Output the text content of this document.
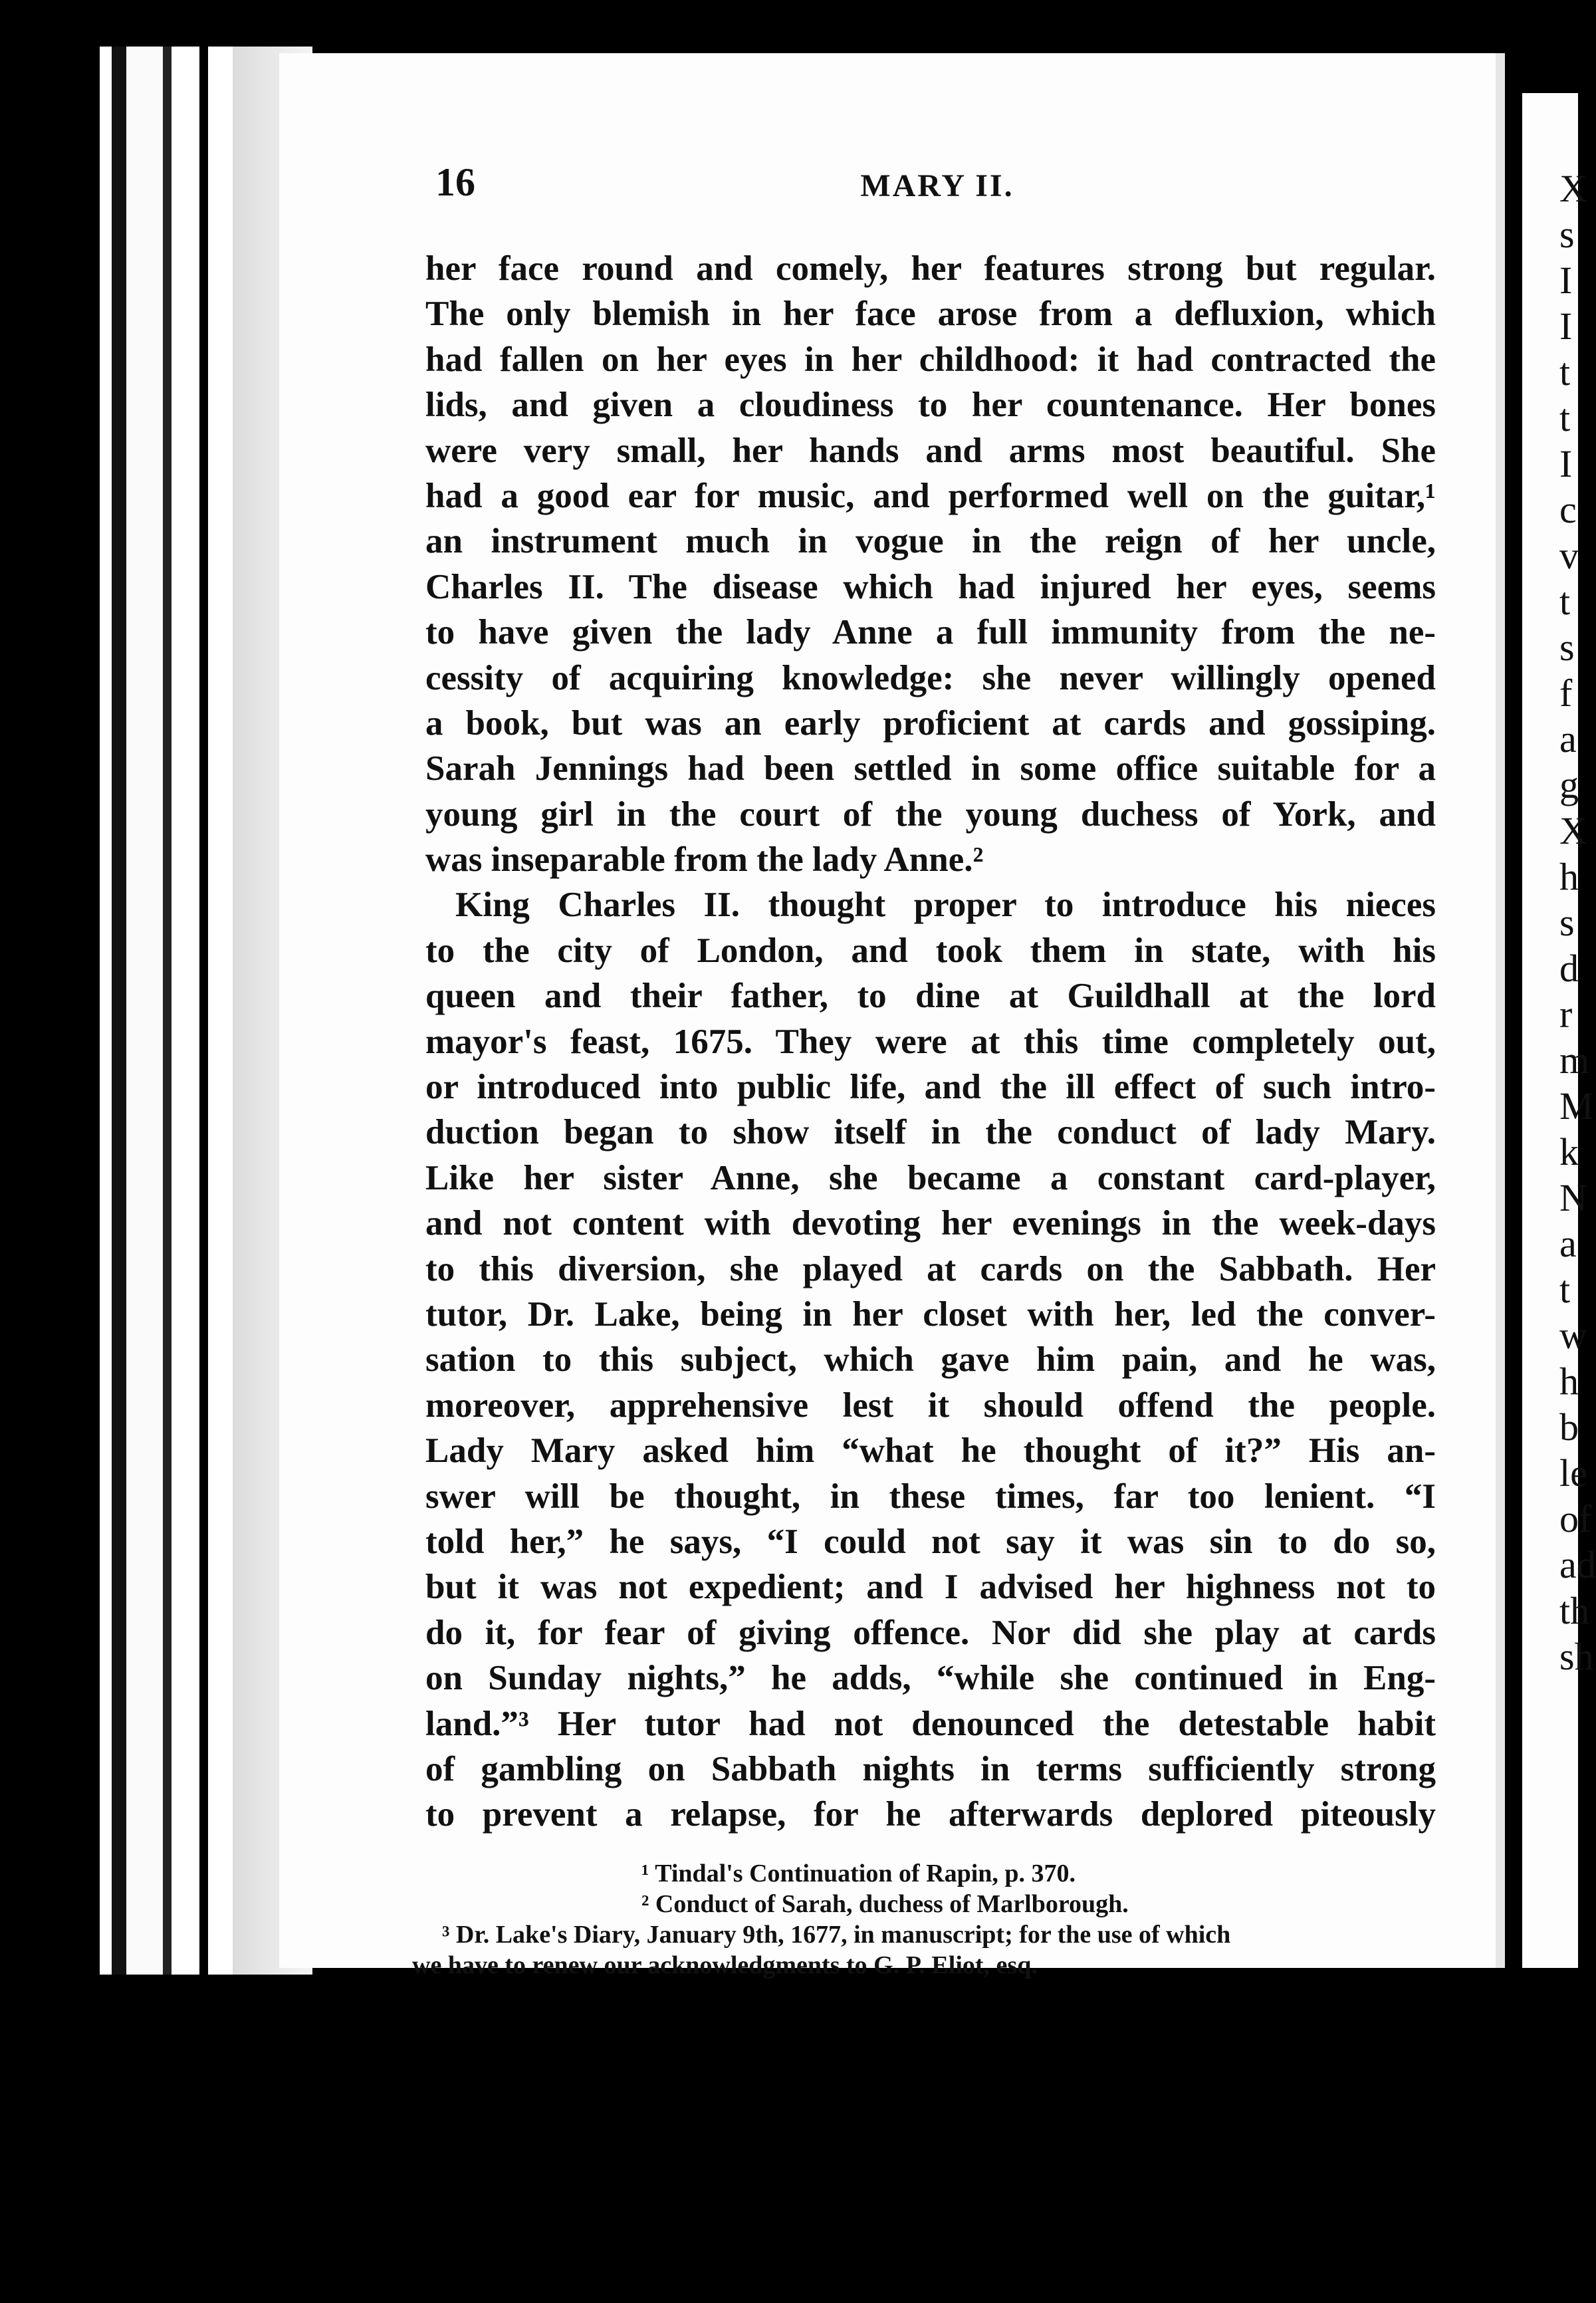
X
s
I
I
t
t
I
c
v
t
s
f
a
g
X
h
s
d
r
m
M
k
N
a
t
w
h
b
le
of
ad
th
sh
16	MARY II.
her face round and comely, her features strong but regular.
The only blemish in her face arose from a defluxion, which
had fallen on her eyes in her childhood: it had contracted the
lids, and given a cloudiness to her countenance. Her bones
were very small, her hands and arms most beautiful. She
had a good ear for music, and performed well on the guitar,¹
an instrument much in vogue in the reign of her uncle,
Charles II. The disease which had injured her eyes, seems
to have given the lady Anne a full immunity from the ne-
cessity of acquiring knowledge: she never willingly opened
a book, but was an early proficient at cards and gossiping.
Sarah Jennings had been settled in some office suitable for a
young girl in the court of the young duchess of York, and
was inseparable from the lady Anne.²
King Charles II. thought proper to introduce his nieces
to the city of London, and took them in state, with his
queen and their father, to dine at Guildhall at the lord
mayor's feast, 1675. They were at this time completely out,
or introduced into public life, and the ill effect of such intro-
duction began to show itself in the conduct of lady Mary.
Like her sister Anne, she became a constant card-player,
and not content with devoting her evenings in the week-days
to this diversion, she played at cards on the Sabbath. Her
tutor, Dr. Lake, being in her closet with her, led the conver-
sation to this subject, which gave him pain, and he was,
moreover, apprehensive lest it should offend the people.
Lady Mary asked him “what he thought of it?” His an-
swer will be thought, in these times, far too lenient. “I
told her,” he says, “I could not say it was sin to do so,
but it was not expedient; and I advised her highness not to
do it, for fear of giving offence. Nor did she play at cards
on Sunday nights,” he adds, “while she continued in Eng-
land.”³ Her tutor had not denounced the detestable habit
of gambling on Sabbath nights in terms sufficiently strong
to prevent a relapse, for he afterwards deplored piteously
¹ Tindal's Continuation of Rapin, p. 370.
² Conduct of Sarah, duchess of Marlborough.
³ Dr. Lake's Diary, January 9th, 1677, in manuscript; for the use of which
we have to renew our acknowledgments to G. P. Eliot, esq.
